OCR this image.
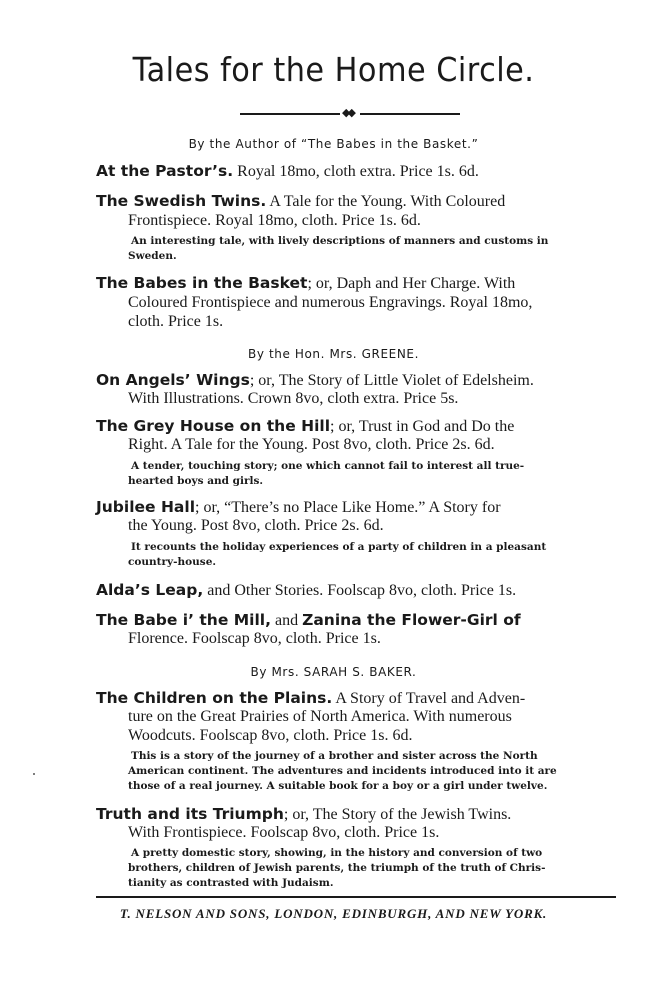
Tales for the Home Circle.
◆◆
By the Author of “The Babes in the Basket.”
At the Pastor’s. Royal 18mo, cloth extra. Price 1s. 6d.
The Swedish Twins. A Tale for the Young. With Coloured
Frontispiece. Royal 18mo, cloth. Price 1s. 6d.
An interesting tale, with lively descriptions of manners and customs in
Sweden.
The Babes in the Basket; or, Daph and Her Charge. With
Coloured Frontispiece and numerous Engravings. Royal 18mo,
cloth. Price 1s.
By the Hon. Mrs. GREENE.
On Angels’ Wings; or, The Story of Little Violet of Edelsheim.
With Illustrations. Crown 8vo, cloth extra. Price 5s.
The Grey House on the Hill; or, Trust in God and Do the
Right. A Tale for the Young. Post 8vo, cloth. Price 2s. 6d.
A tender, touching story; one which cannot fail to interest all true-
hearted boys and girls.
Jubilee Hall; or, “There’s no Place Like Home.” A Story for
the Young. Post 8vo, cloth. Price 2s. 6d.
It recounts the holiday experiences of a party of children in a pleasant
country-house.
Alda’s Leap, and Other Stories. Foolscap 8vo, cloth. Price 1s.
The Babe i’ the Mill, and Zanina the Flower-Girl of
Florence. Foolscap 8vo, cloth. Price 1s.
By Mrs. SARAH S. BAKER.
The Children on the Plains. A Story of Travel and Adven-
ture on the Great Prairies of North America. With numerous
Woodcuts. Foolscap 8vo, cloth. Price 1s. 6d.
This is a story of the journey of a brother and sister across the North
American continent. The adventures and incidents introduced into it are
those of a real journey. A suitable book for a boy or a girl under twelve.
Truth and its Triumph; or, The Story of the Jewish Twins.
With Frontispiece. Foolscap 8vo, cloth. Price 1s.
A pretty domestic story, showing, in the history and conversion of two
brothers, children of Jewish parents, the triumph of the truth of Chris-
tianity as contrasted with Judaism.
T. NELSON AND SONS, LONDON, EDINBURGH, AND NEW YORK.
